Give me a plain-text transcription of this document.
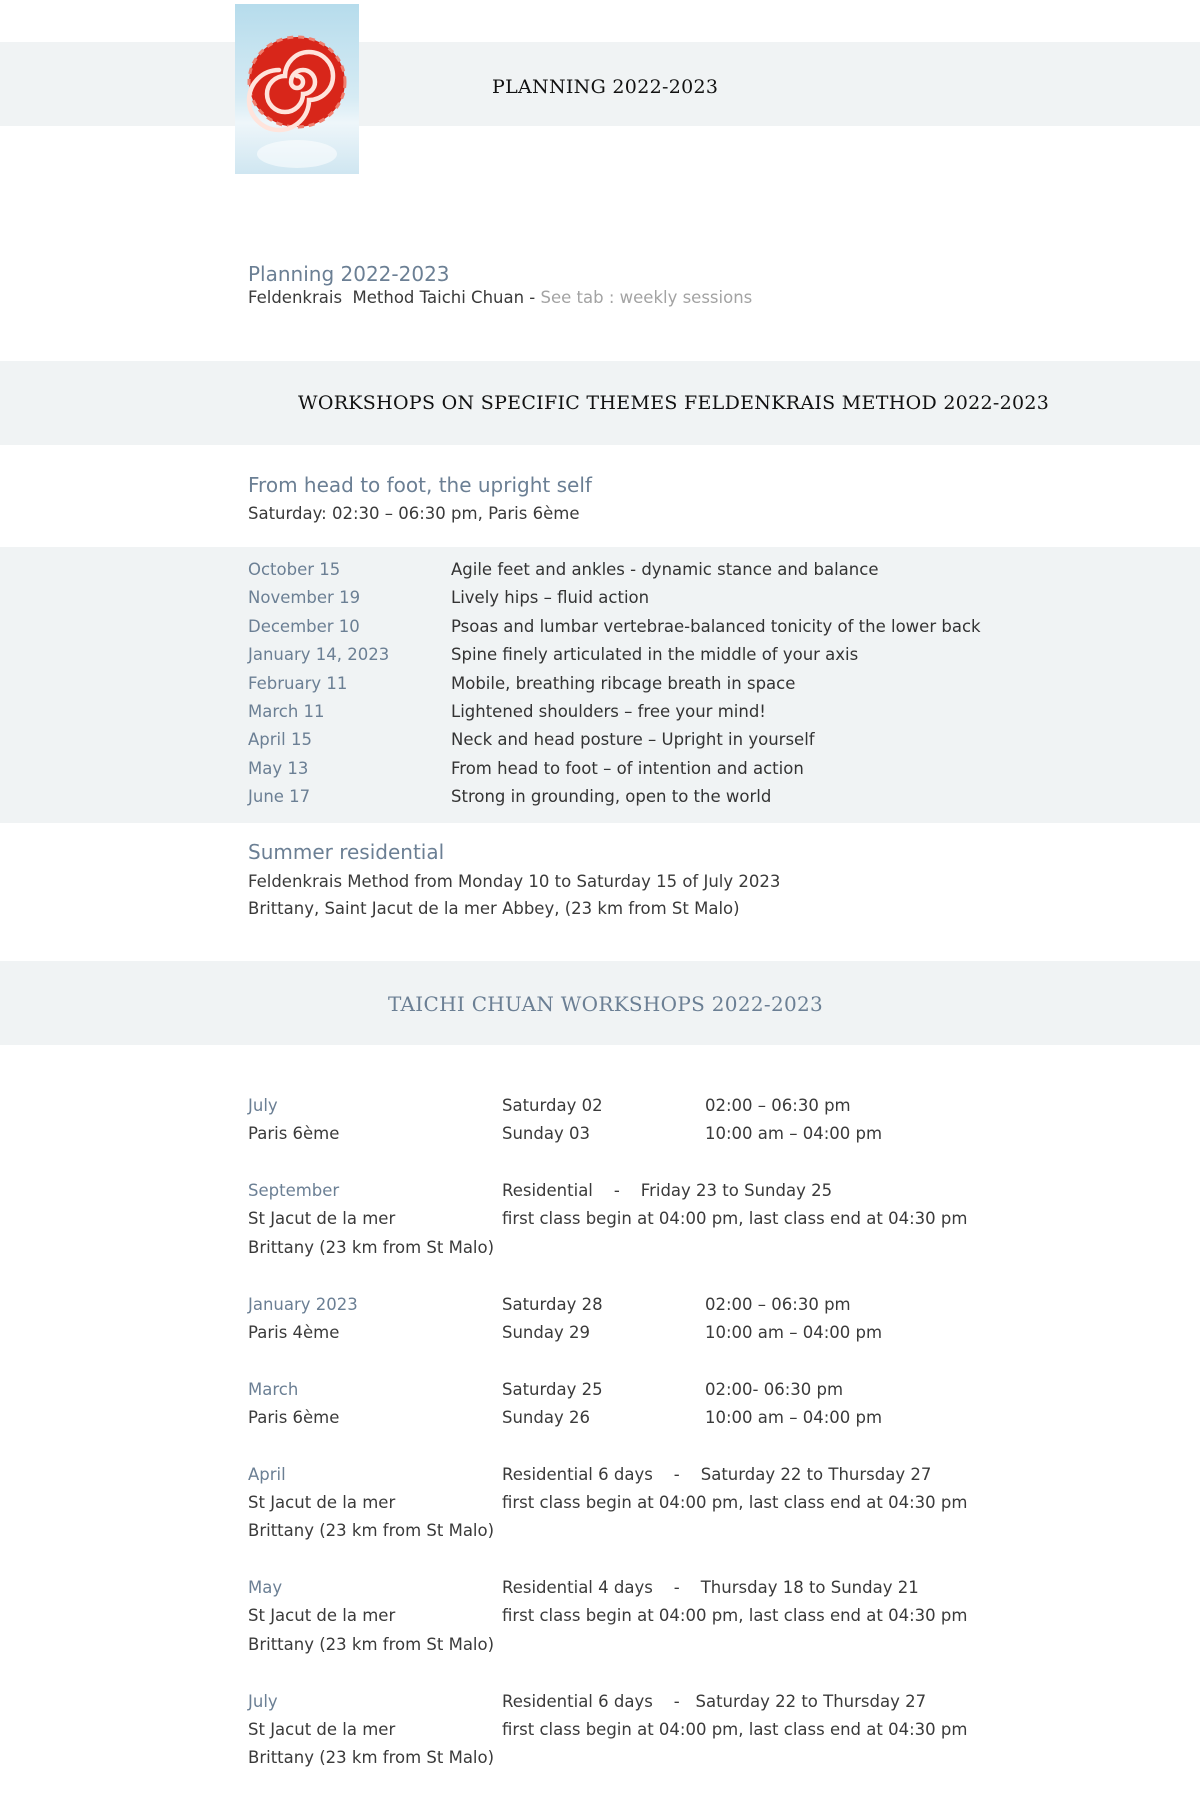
PLANNING 2022-2023
Planning 2022-2023
Feldenkrais  Method Taichi Chuan - See tab : weekly sessions
WORKSHOPS ON SPECIFIC THEMES FELDENKRAIS METHOD 2022-2023
From head to foot, the upright self
Saturday: 02:30 – 06:30 pm, Paris 6ème
October 15	Agile feet and ankles - dynamic stance and balance
November 19	Lively hips – fluid action
December 10	Psoas and lumbar vertebrae-balanced tonicity of the lower back
January 14, 2023	Spine finely articulated in the middle of your axis
February 11	Mobile, breathing ribcage breath in space
March 11	Lightened shoulders – free your mind!
April 15	Neck and head posture – Upright in yourself
May 13	From head to foot – of intention and action
June 17	Strong in grounding, open to the world
Summer residential
Feldenkrais Method from Monday 10 to Saturday 15 of July 2023
Brittany, Saint Jacut de la mer Abbey, (23 km from St Malo)
TAICHI CHUAN WORKSHOPS 2022-2023
July	Saturday 02	02:00 – 06:30 pm
Paris 6ème	Sunday 03	10:00 am – 04:00 pm
September	Residential    -    Friday 23 to Sunday 25
St Jacut de la mer	first class begin at 04:00 pm, last class end at 04:30 pm
Brittany (23 km from St Malo)
January 2023	Saturday 28	02:00 – 06:30 pm
Paris 4ème	Sunday 29	10:00 am – 04:00 pm
March	Saturday 25	02:00- 06:30 pm
Paris 6ème	Sunday 26	10:00 am – 04:00 pm
April	Residential 6 days    -    Saturday 22 to Thursday 27
St Jacut de la mer	first class begin at 04:00 pm, last class end at 04:30 pm
Brittany (23 km from St Malo)
May	Residential 4 days    -    Thursday 18 to Sunday 21
St Jacut de la mer	first class begin at 04:00 pm, last class end at 04:30 pm
Brittany (23 km from St Malo)
July	Residential 6 days    -   Saturday 22 to Thursday 27
St Jacut de la mer	first class begin at 04:00 pm, last class end at 04:30 pm
Brittany (23 km from St Malo)
